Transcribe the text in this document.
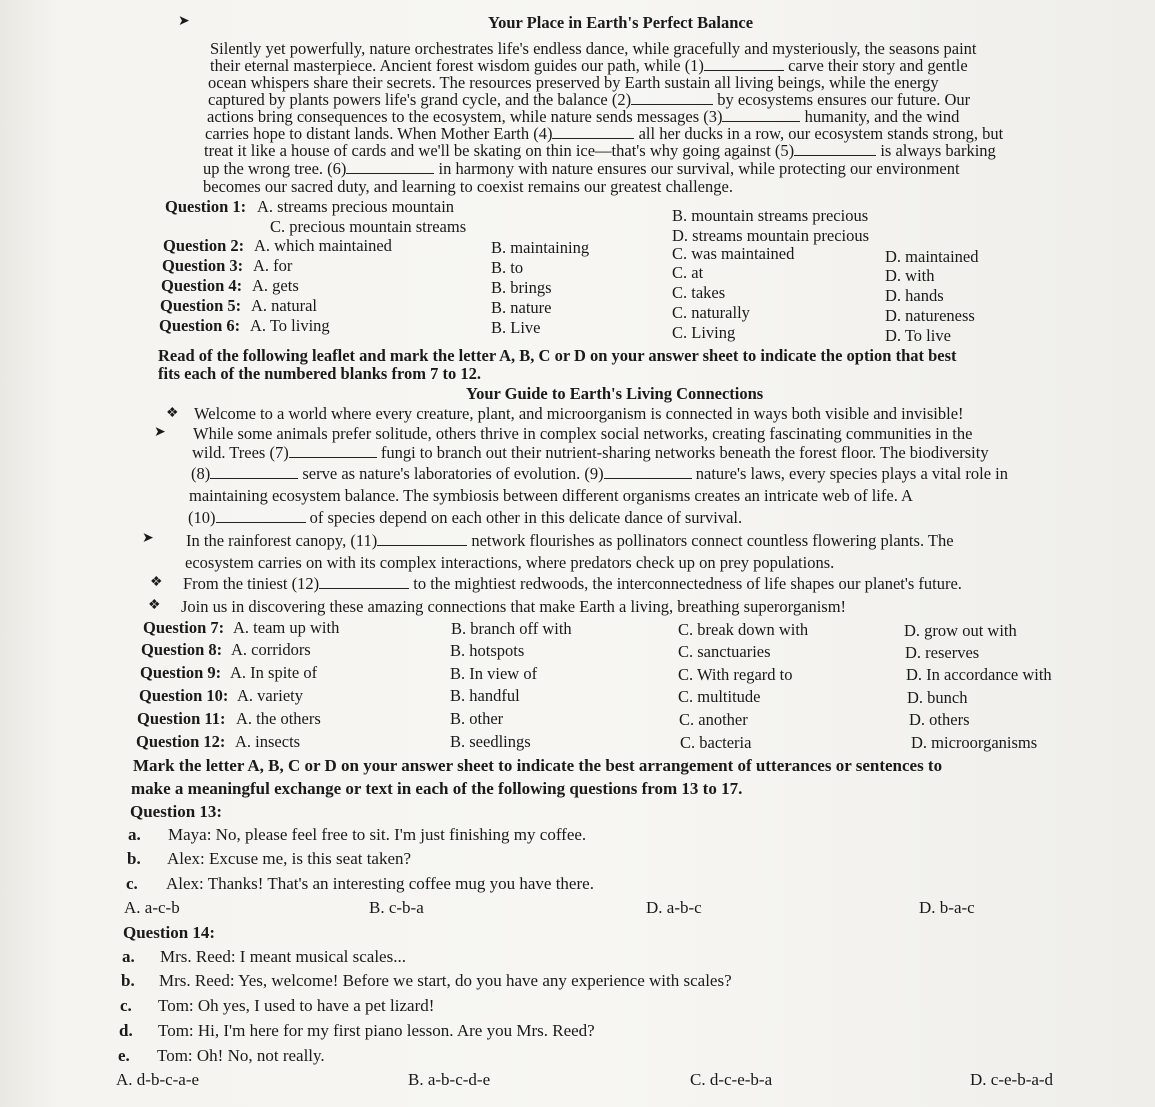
Your Place in Earth's Perfect Balance
➤
Silently yet powerfully, nature orchestrates life's endless dance, while gracefully and mysteriously, the seasons paint
their eternal masterpiece. Ancient forest wisdom guides our path, while (1)	carve their story and gentle
ocean whispers share their secrets. The resources preserved by Earth sustain all living beings, while the energy
captured by plants powers life's grand cycle, and the balance (2)	by ecosystems ensures our future. Our
actions bring consequences to the ecosystem, while nature sends messages (3)	humanity, and the wind
carries hope to distant lands. When Mother Earth (4)	all her ducks in a row, our ecosystem stands strong, but
treat it like a house of cards and we'll be skating on thin ice—that's why going against (5)	is always barking
up the wrong tree. (6)	in harmony with nature ensures our survival, while protecting our environment
becomes our sacred duty, and learning to coexist remains our greatest challenge.
Question 1: A. streams precious mountain	B. mountain streams precious
C. precious mountain streams	D. streams mountain precious
Question 2: A. which maintained	B. maintaining	C. was maintained	D. maintained
Question 3: A. for	B. to	C. at	D. with
Question 4: A. gets	B. brings	C. takes	D. hands
Question 5: A. natural	B. nature	C. naturally	D. natureness
Question 6: A. To living	B. Live	C. Living	D. To live
Read of the following leaflet and mark the letter A, B, C or D on your answer sheet to indicate the option that best
fits each of the numbered blanks from 7 to 12.
Your Guide to Earth's Living Connections
❖ Welcome to a world where every creature, plant, and microorganism is connected in ways both visible and invisible!
➤ While some animals prefer solitude, others thrive in complex social networks, creating fascinating communities in the
wild. Trees (7)	fungi to branch out their nutrient-sharing networks beneath the forest floor. The biodiversity
(8)	serve as nature's laboratories of evolution. (9)	nature's laws, every species plays a vital role in
maintaining ecosystem balance. The symbiosis between different organisms creates an intricate web of life. A
(10)	of species depend on each other in this delicate dance of survival.
➤ In the rainforest canopy, (11)	network flourishes as pollinators connect countless flowering plants. The
ecosystem carries on with its complex interactions, where predators check up on prey populations.
❖ From the tiniest (12)	to the mightiest redwoods, the interconnectedness of life shapes our planet's future.
❖ Join us in discovering these amazing connections that make Earth a living, breathing superorganism!
Question 7: A. team up with	B. branch off with	C. break down with	D. grow out with
Question 8: A. corridors	B. hotspots	C. sanctuaries	D. reserves
Question 9: A. In spite of	B. In view of	C. With regard to	D. In accordance with
Question 10: A. variety	B. handful	C. multitude	D. bunch
Question 11: A. the others	B. other	C. another	D. others
Question 12: A. insects	B. seedlings	C. bacteria	D. microorganisms
Mark the letter A, B, C or D on your answer sheet to indicate the best arrangement of utterances or sentences to
make a meaningful exchange or text in each of the following questions from 13 to 17.
Question 13:
a. Maya: No, please feel free to sit. I'm just finishing my coffee.
b. Alex: Excuse me, is this seat taken?
c. Alex: Thanks! That's an interesting coffee mug you have there.
A. a-c-b	B. c-b-a	D. a-b-c	D. b-a-c
Question 14:
a. Mrs. Reed: I meant musical scales...
b. Mrs. Reed: Yes, welcome! Before we start, do you have any experience with scales?
c. Tom: Oh yes, I used to have a pet lizard!
d. Tom: Hi, I'm here for my first piano lesson. Are you Mrs. Reed?
e. Tom: Oh! No, not really.
A. d-b-c-a-e	B. a-b-c-d-e	C. d-c-e-b-a	D. c-e-b-a-d
